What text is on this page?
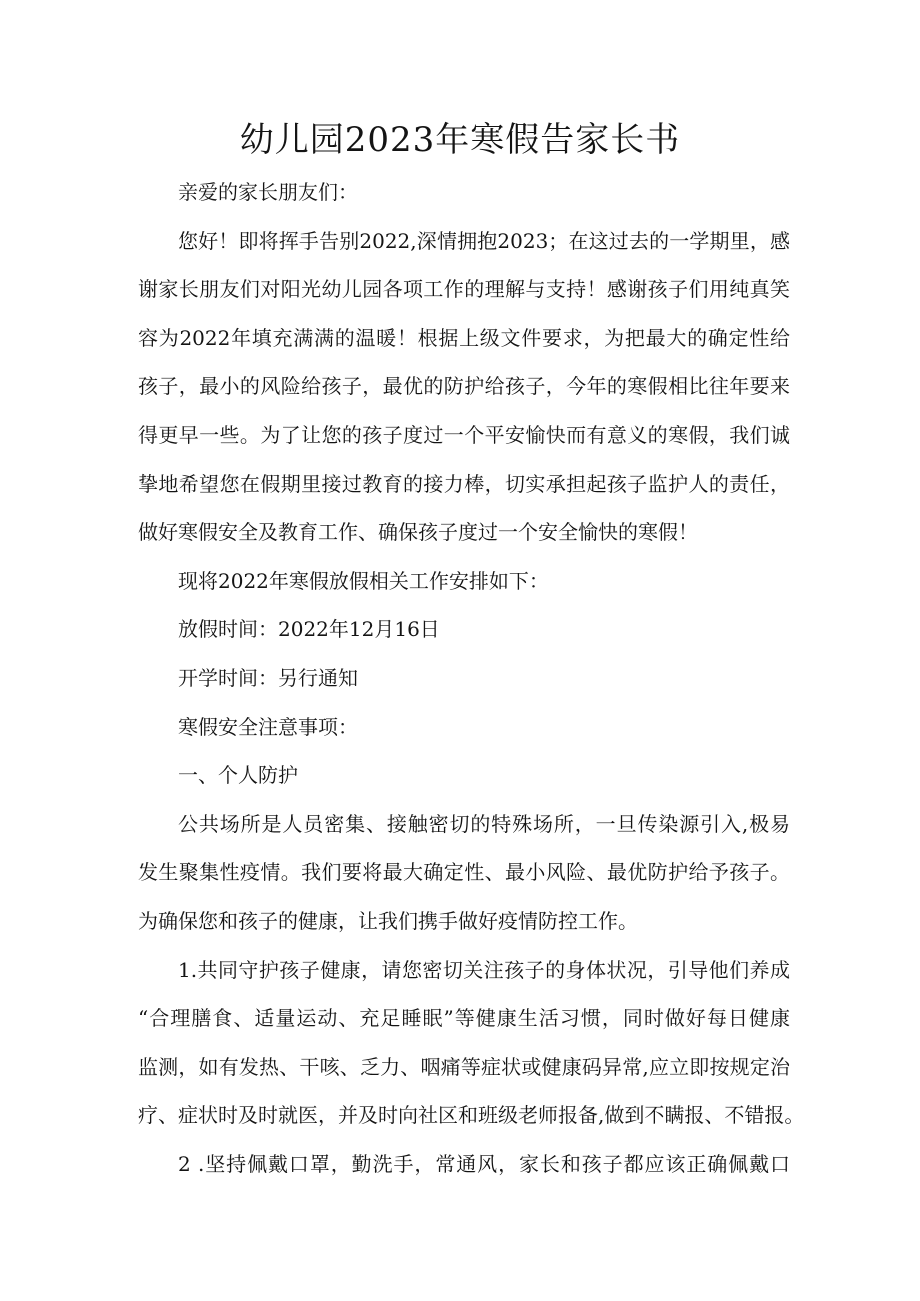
幼儿园2023年寒假告家长书

亲爱的家长朋友们：

您好！即将挥手告别2022,深情拥抱2023；在这过去的一学期里，感
谢家长朋友们对阳光幼儿园各项工作的理解与支持！感谢孩子们用纯真笑
容为2022年填充满满的温暖！根据上级文件要求，为把最大的确定性给
孩子，最小的风险给孩子，最优的防护给孩子，今年的寒假相比往年要来
得更早一些。为了让您的孩子度过一个平安愉快而有意义的寒假，我们诚
挚地希望您在假期里接过教育的接力棒，切实承担起孩子监护人的责任，
做好寒假安全及教育工作、确保孩子度过一个安全愉快的寒假！

现将2022年寒假放假相关工作安排如下：

放假时间：2022年12月16日

开学时间：另行通知

寒假安全注意事项：

一、个人防护

公共场所是人员密集、接触密切的特殊场所，一旦传染源引入,极易
发生聚集性疫情。我们要将最大确定性、最小风险、最优防护给予孩子。
为确保您和孩子的健康，让我们携手做好疫情防控工作。

1.共同守护孩子健康，请您密切关注孩子的身体状况，引导他们养成
“合理膳食、适量运动、充足睡眠”等健康生活习惯，同时做好每日健康
监测，如有发热、干咳、乏力、咽痛等症状或健康码异常,应立即按规定治
疗、症状时及时就医，并及时向社区和班级老师报备,做到不瞒报、不错报。

2 .坚持佩戴口罩，勤洗手，常通风，家长和孩子都应该正确佩戴口
